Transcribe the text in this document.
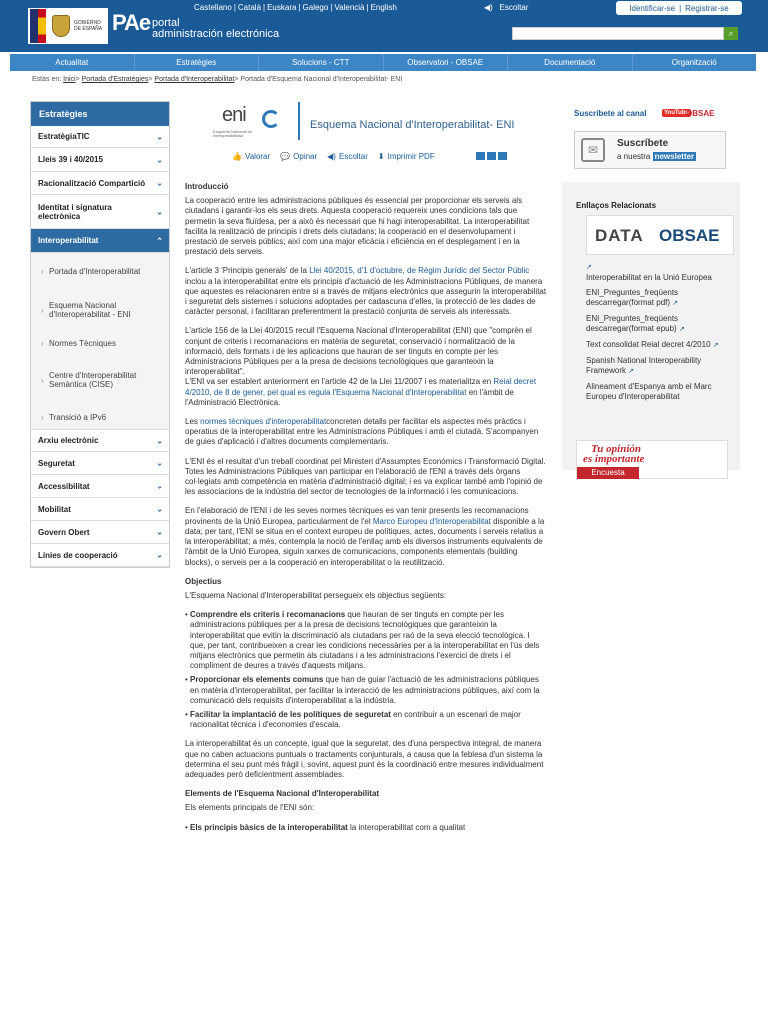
GOBIERNO DE ESPAÑA PAe portal
administración electrónica
Castellano | Català | Euskara | Galego | Valencià | English	◀) Escoltar	Identificar-se | Registrar-se
⌕
Actualitat	Estratègies	Solucions - CTT	Observatori - OBSAE	Documentació	Organització
Estàs en: Inici> Portada d'Estratègies> Portada d'Interoperabilitat> Portada d'Esquema Nacional d'Interoperabilitat- ENI
Estratègies
EstratègiaTIC	⌄
Lleis 39 i 40/2015	⌄
Racionalització Compartició ⌄
Identitat i signatura electrònica	⌄
Interoperabilitat	⌃
› Portada d'Interoperabilitat
› Esquema Nacional d'Interoperabilitat - ENI
› Normes Tècniques
› Centre d'Interoperabilitat Semàntica (CISE)
› Transició a IPv6
Arxiu electrònic	⌄
Seguretat	⌄
Accessibilitat	⌄
Mobilitat	⌄
Govern Obert	⌄
Línies de cooperació	⌄
eni
Esquema Nacional de Interoperabilidad
Esquema Nacional d'Interoperabilitat- ENI
👍 Valorar 💬 Opinar ◀) Escoltar ⬇ Imprimir PDF
Introducció

La cooperació entre les administracions públiques és essencial per proporcionar els serveis als ciutadans i garantir-los els seus drets. Aquesta cooperació requereix unes condicions tals que permetin la seva fluïdesa, per a això és necessari que hi hagi interoperabilitat. La interoperabilitat facilita la realització de principis i drets dels ciutadans; la cooperació en el desenvolupament i prestació de serveis públics; així com una major eficàcia i eficiència en el desplegament i en la prestació dels serveis.

L'article 3 'Principis generals' de la Llei 40/2015, d'1 d'octubre, de Règim Jurídic del Sector Públic inclou a la interoperabilitat entre els principis d'actuació de les Administracions Públiques, de manera que aquestes es relacionaren entre si a través de mitjans electrònics que assegurin la interoperabilitat i seguretat dels sistemes i solucions adoptades per cadascuna d'elles, la protecció de les dades de caràcter personal, i facilitaran preferentment la prestació conjunta de serveis als interessats.

L'article 156 de la Llei 40/2015 recull l'Esquema Nacional d'Interoperabilitat (ENI) que "comprèn el conjunt de criteris i recomanacions en matèria de seguretat, conservació i normalització de la informació, dels formats i de les aplicacions que hauran de ser tinguts en compte per les Administracions Públiques per a la presa de decisions tecnològiques que garanteixin la interoperabilitat".
L'ENI va ser establert anteriorment en l'article 42 de la Llei 11/2007 i es materialitza en Reial decret 4/2010, de 8 de gener, pel qual es regula l'Esquema Nacional d'Interoperabilitat en l'àmbit de l'Administració Electrònica.

Les normes tècniques d'interoperabilitatconcreten detalls per facilitar els aspectes més pràctics i operatius de la interoperabilitat entre les Administracions Públiques i amb el ciutadà. S'acompanyen de guies d'aplicació i d'altres documents complementaris.

L'ENI és el resultat d'un treball coordinat pel Ministeri d'Assumptes Econòmics i Transformació Digital. Totes les Administracions Públiques van participar en l'elaboració de l'ENI a través dels òrgans col·legiats amb competència en matèria d'administració digital; i es va explicar també amb l'opinió de les associacions de la indústria del sector de tecnologies de la informació i les comunicacions.

En l'elaboració de l'ENI i de les seves normes tècniques es van tenir presents les recomanacions provinents de la Unió Europea, particularment de l'el Marco Europeu d'Interoperabilitat disponible a la data; per tant, l'ENI se situa en el context europeu de polítiques, actes, documents i serveis relatius a la interoperabilitat; a més, contempla la noció de l'enllaç amb els diversos instruments equivalents de l'àmbit de la Unió Europea, siguin xarxes de comunicacions, components elementals (building blocks), o serveis per a la cooperació en interoperabilitat o la reutilització.

Objectius

L'Esquema Nacional d'Interoperabilitat persegueix els objectius següents:

• Comprendre els criteris i recomanacions que hauran de ser tinguts en compte per les administracions públiques per a la presa de decisions tecnològiques que garanteixin la interoperabilitat que evitin la discriminació als ciutadans per raó de la seva elecció tecnològica. I que, per tant, contribueixen a crear les condicions necessàries per a la interoperabilitat en l'ús dels mitjans electrònics que permetin als ciutadans i a les administracions l'exercici de drets i el compliment de deures a través d'aquests mitjans.
• Proporcionar els elements comuns que han de guiar l'actuació de les administracions públiques en matèria d'interoperabilitat, per facilitar la interacció de les administracions públiques, així com la comunicació dels requisits d'interoperabilitat a la indústria.
• Facilitar la implantació de les polítiques de seguretat en contribuir a un escenari de major racionalitat tècnica i d'economies d'escala.

La interoperabilitat és un concepte, igual que la seguretat, des d'una perspectiva integral, de manera que no caben actuacions puntuals o tractaments conjunturals, a causa que la feblesa d'un sistema la determina el seu punt més fràgil i, sovint, aquest punt és la coordinació entre mesures individualment adequades però deficientment assemblades.

Elements de l'Esquema Nacional d'Interoperabilitat

Els elements principals de l'ENI són:

• Els principis bàsics de la interoperabilitat la interoperabilitat com a qualitat
Suscríbete al canal	YouTube
OBSAE
✉	Suscríbete
a nuestra newsletter
Enllaços Relacionats
DATA OBSAE
↗
Interoperabilitat en la Unió Europea
ENI_Preguntes_freqüents descarregar(format pdf) ↗
ENI_Preguntes_freqüents descarregar(format epub) ↗
Text consolidat Reial decret 4/2010 ↗
Spanish National Interoperability Framework ↗
Alineament d'Espanya amb el Marc Europeu d'Interoperabilitat
Tu opinión
es importante
Encuesta
